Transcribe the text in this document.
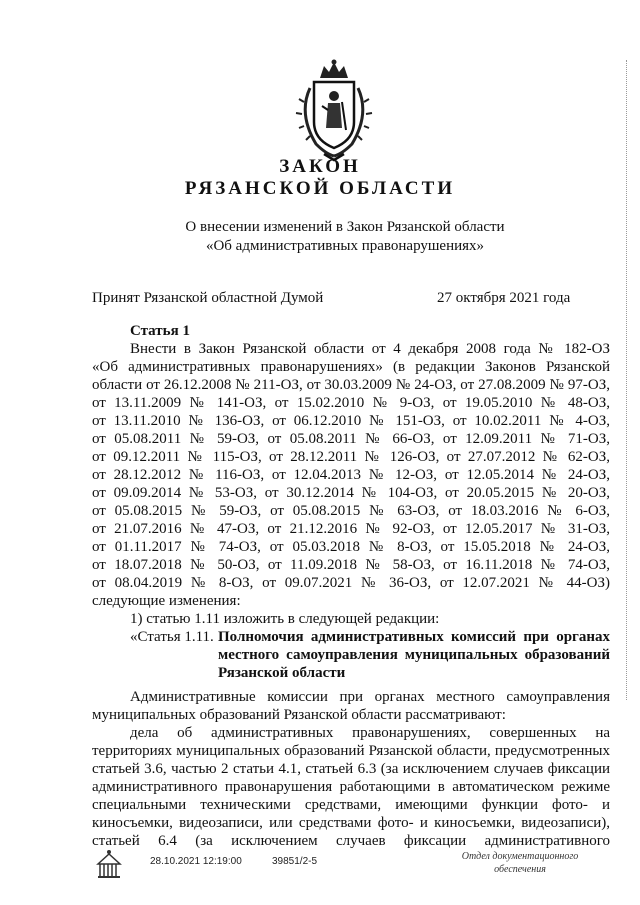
ЗАКОН
РЯЗАНСКОЙ ОБЛАСТИ
О внесении изменений в Закон Рязанской области
«Об административных правонарушениях»
Принят Рязанской областной Думой	27 октября 2021 года
Статья 1
Внести в Закон Рязанской области от 4 декабря 2008 года № 182-ОЗ
«Об административных правонарушениях» (в редакции Законов Рязанской
области от 26.12.2008 № 211-ОЗ, от 30.03.2009 № 24-ОЗ, от 27.08.2009 № 97-ОЗ,
от 13.11.2009 № 141-ОЗ, от 15.02.2010 № 9-ОЗ, от 19.05.2010 № 48-ОЗ,
от 13.11.2010 № 136-ОЗ, от 06.12.2010 № 151-ОЗ, от 10.02.2011 № 4-ОЗ,
от 05.08.2011 № 59-ОЗ, от 05.08.2011 № 66-ОЗ, от 12.09.2011 № 71-ОЗ,
от 09.12.2011 № 115-ОЗ, от 28.12.2011 № 126-ОЗ, от 27.07.2012 № 62-ОЗ,
от 28.12.2012 № 116-ОЗ, от 12.04.2013 № 12-ОЗ, от 12.05.2014 № 24-ОЗ,
от 09.09.2014 № 53-ОЗ, от 30.12.2014 № 104-ОЗ, от 20.05.2015 № 20-ОЗ,
от 05.08.2015 № 59-ОЗ, от 05.08.2015 № 63-ОЗ, от 18.03.2016 № 6-ОЗ,
от 21.07.2016 № 47-ОЗ, от 21.12.2016 № 92-ОЗ, от 12.05.2017 № 31-ОЗ,
от 01.11.2017 № 74-ОЗ, от 05.03.2018 № 8-ОЗ, от 15.05.2018 № 24-ОЗ,
от 18.07.2018 № 50-ОЗ, от 11.09.2018 № 58-ОЗ, от 16.11.2018 № 74-ОЗ,
от 08.04.2019 № 8-ОЗ, от 09.07.2021 № 36-ОЗ, от 12.07.2021 № 44-ОЗ)
следующие изменения:
1) статью 1.11 изложить в следующей редакции:
«Статья 1.11. Полномочия административных комиссий при органах
местного самоуправления муниципальных образований
Рязанской области
Административные комиссии при органах местного самоуправления
муниципальных образований Рязанской области рассматривают:
дела об административных правонарушениях, совершенных на
территориях муниципальных образований Рязанской области, предусмотренных
статьей 3.6, частью 2 статьи 4.1, статьей 6.3 (за исключением случаев фиксации
административного правонарушения работающими в автоматическом режиме
специальными техническими средствами, имеющими функции фото- и
киносъемки, видеозаписи, или средствами фото- и киносъемки, видеозаписи),
статьей 6.4 (за исключением случаев фиксации административного
28.10.2021 12:19:00	39851/2-5	Отдел документационного
обеспечения
